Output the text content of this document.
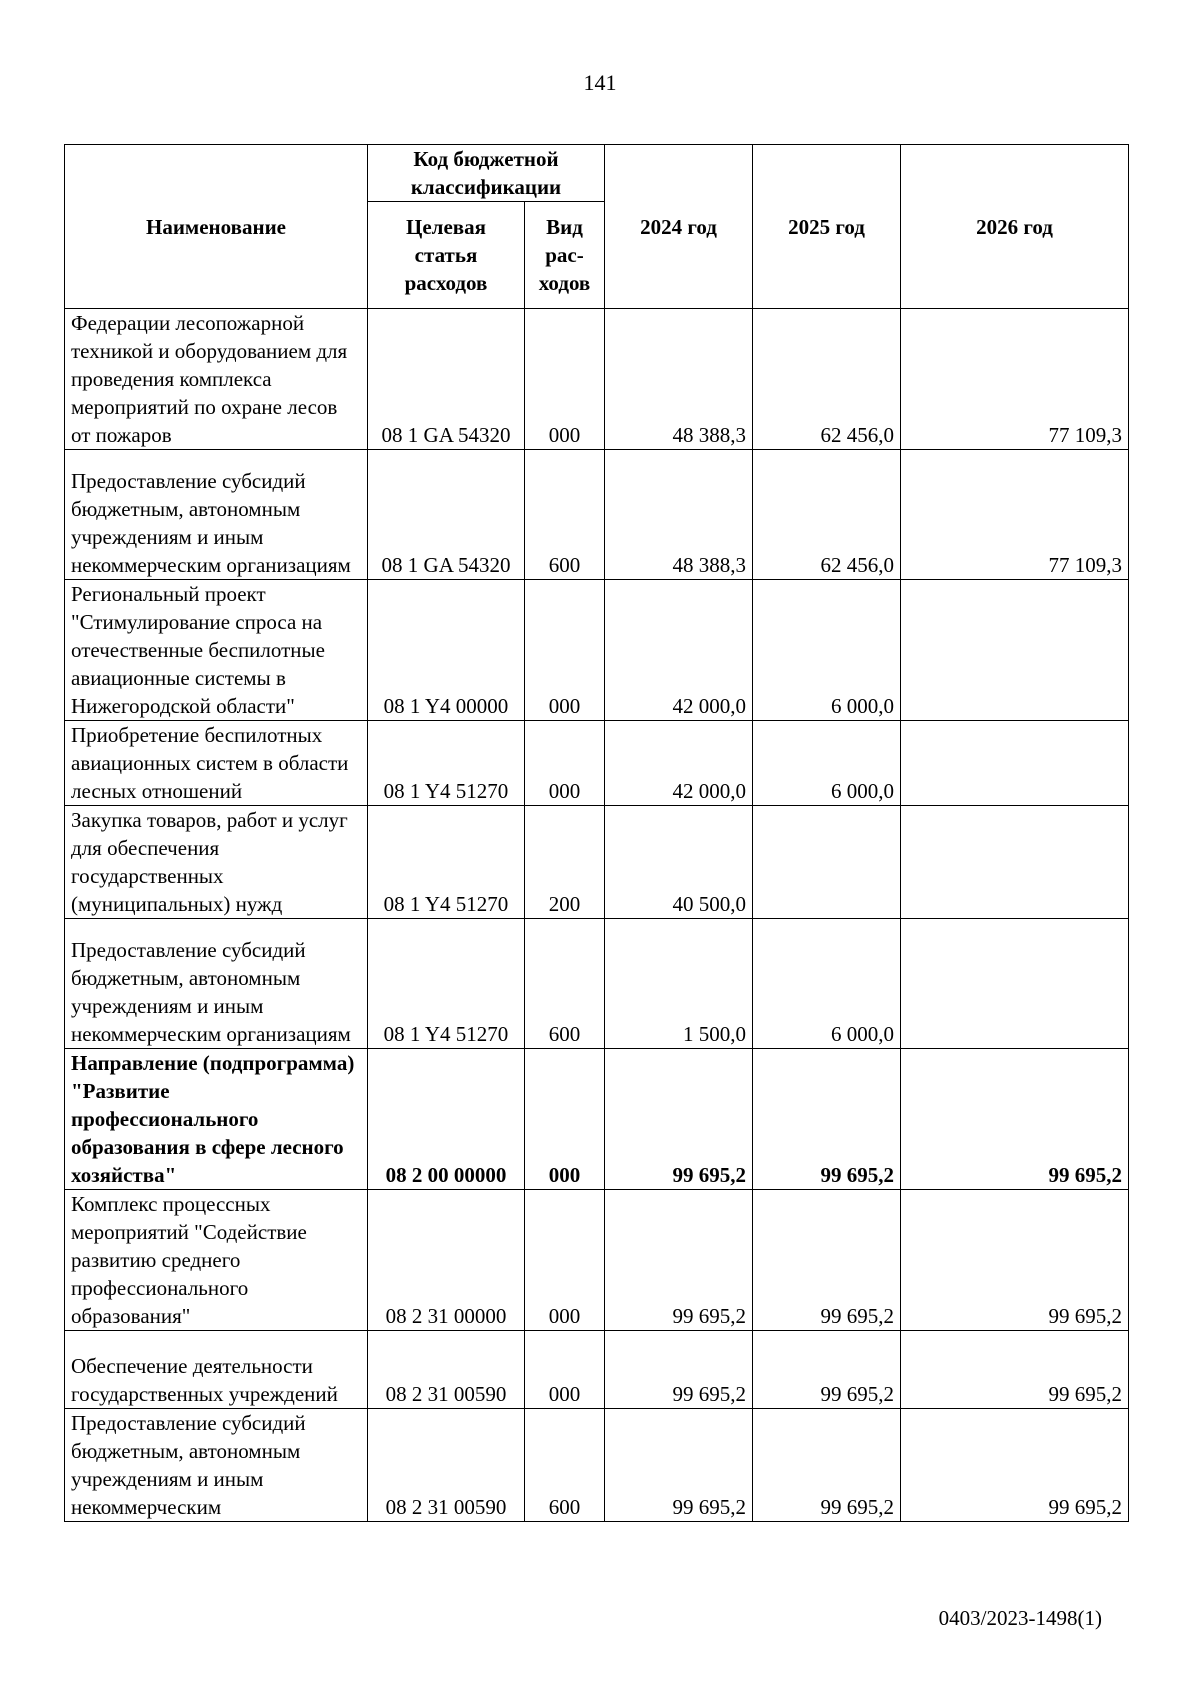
141
Наименование	Код бюджетной классификации		2024 год	2025 год	2026 год
	Целевая статья расходов	Вид рас-ходов			
Федерации лесопожарной техникой и оборудованием для проведения комплекса мероприятий по охране лесов от пожаров	08 1 GA 54320	000	48 388,3	62 456,0	77 109,3
Предоставление субсидий бюджетным, автономным учреждениям и иным некоммерческим организациям	08 1 GA 54320	600	48 388,3	62 456,0	77 109,3
Региональный проект "Стимулирование спроса на отечественные беспилотные авиационные системы в Нижегородской области"	08 1 Y4 00000	000	42 000,0	6 000,0	
Приобретение беспилотных авиационных систем в области лесных отношений	08 1 Y4 51270	000	42 000,0	6 000,0	
Закупка товаров, работ и услуг для обеспечения государственных (муниципальных) нужд	08 1 Y4 51270	200	40 500,0		
Предоставление субсидий бюджетным, автономным учреждениям и иным некоммерческим организациям	08 1 Y4 51270	600	1 500,0	6 000,0	
Направление (подпрограмма) "Развитие профессионального образования в сфере лесного хозяйства"	08 2 00 00000	000	99 695,2	99 695,2	99 695,2
Комплекс процессных мероприятий "Содействие развитию среднего профессионального образования"	08 2 31 00000	000	99 695,2	99 695,2	99 695,2
Обеспечение деятельности государственных учреждений	08 2 31 00590	000	99 695,2	99 695,2	99 695,2
Предоставление субсидий бюджетным, автономным учреждениям и иным некоммерческим	08 2 31 00590	600	99 695,2	99 695,2	99 695,2
0403/2023-1498(1)
